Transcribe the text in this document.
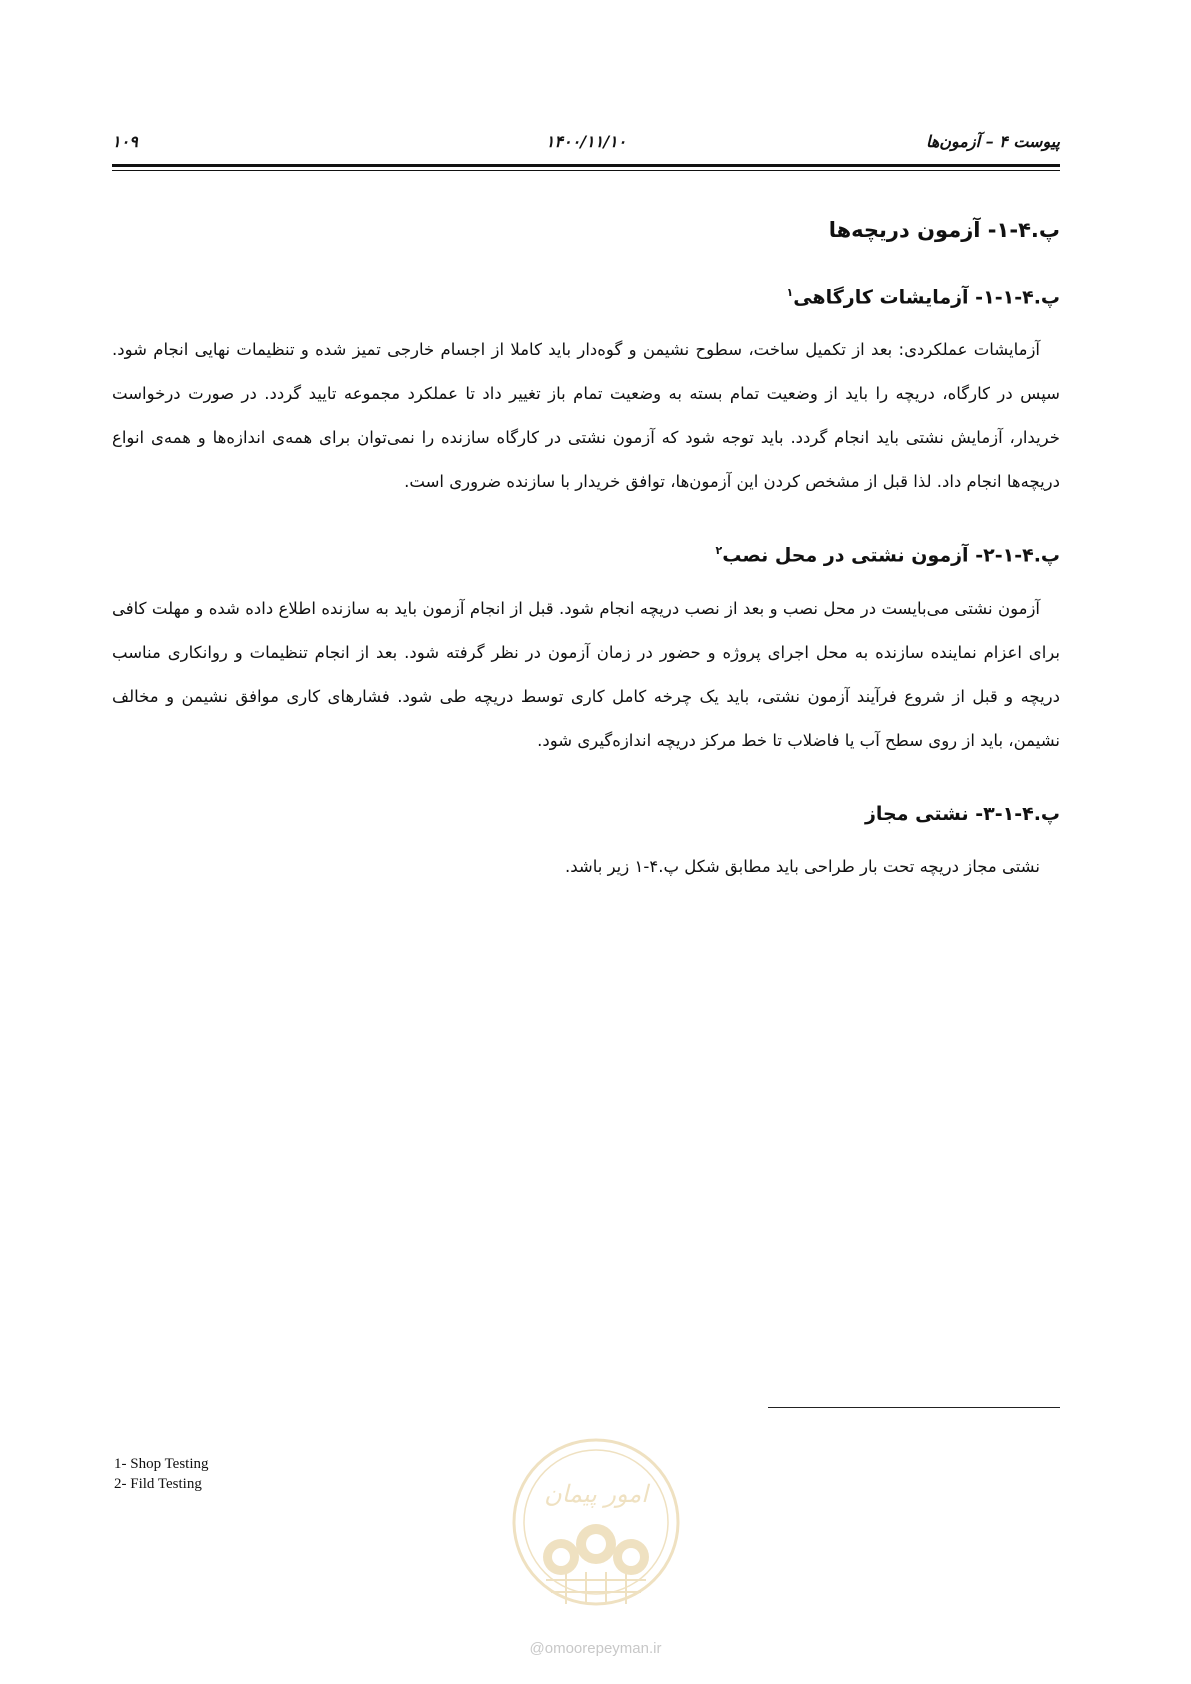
پیوست ۴ – آزمون‌ها
۱۴۰۰/۱۱/۱۰
۱۰۹
پ.۴-۱- آزمون دریچه‌ها
پ.۴-۱-۱- آزمایشات کارگاهی$^۱$

آزمایشات عملکردی: بعد از تکمیل ساخت، سطوح نشیمن و گوه‌دار باید کاملا از اجسام خارجی تمیز شده و تنظیمات نهایی انجام شود. سپس در کارگاه، دریچه را باید از وضعیت تمام بسته به وضعیت تمام باز تغییر داد تا عملکرد مجموعه تایید گردد. در صورت درخواست خریدار، آزمایش نشتی باید انجام گردد. باید توجه شود که آزمون نشتی در کارگاه سازنده را نمی‌توان برای همه‌ی اندازه‌ها و همه‌ی انواع دریچه‌ها انجام داد. لذا قبل از مشخص کردن این آزمون‌ها، توافق خریدار با سازنده ضروری است.

پ.۴-۱-۲- آزمون نشتی در محل نصب$^۲$

آزمون نشتی می‌بایست در محل نصب و بعد از نصب دریچه انجام شود. قبل از انجام آزمون باید به سازنده اطلاع داده شده و مهلت کافی برای اعزام نماینده سازنده به محل اجرای پروژه و حضور در زمان آزمون در نظر گرفته شود. بعد از انجام تنظیمات و روانکاری مناسب دریچه و قبل از شروع فرآیند آزمون نشتی، باید یک چرخه کامل کاری توسط دریچه طی شود. فشارهای کاری موافق نشیمن و مخالف نشیمن، باید از روی سطح آب یا فاضلاب تا خط مرکز دریچه اندازه‌گیری شود.

پ.۴-۱-۳- نشتی مجاز

نشتی مجاز دریچه تحت بار طراحی باید مطابق شکل پ.۴-۱ زیر باشد.

1- Shop Testing
2- Fild Testing	امور پیمان
@omoorepeyman.ir
